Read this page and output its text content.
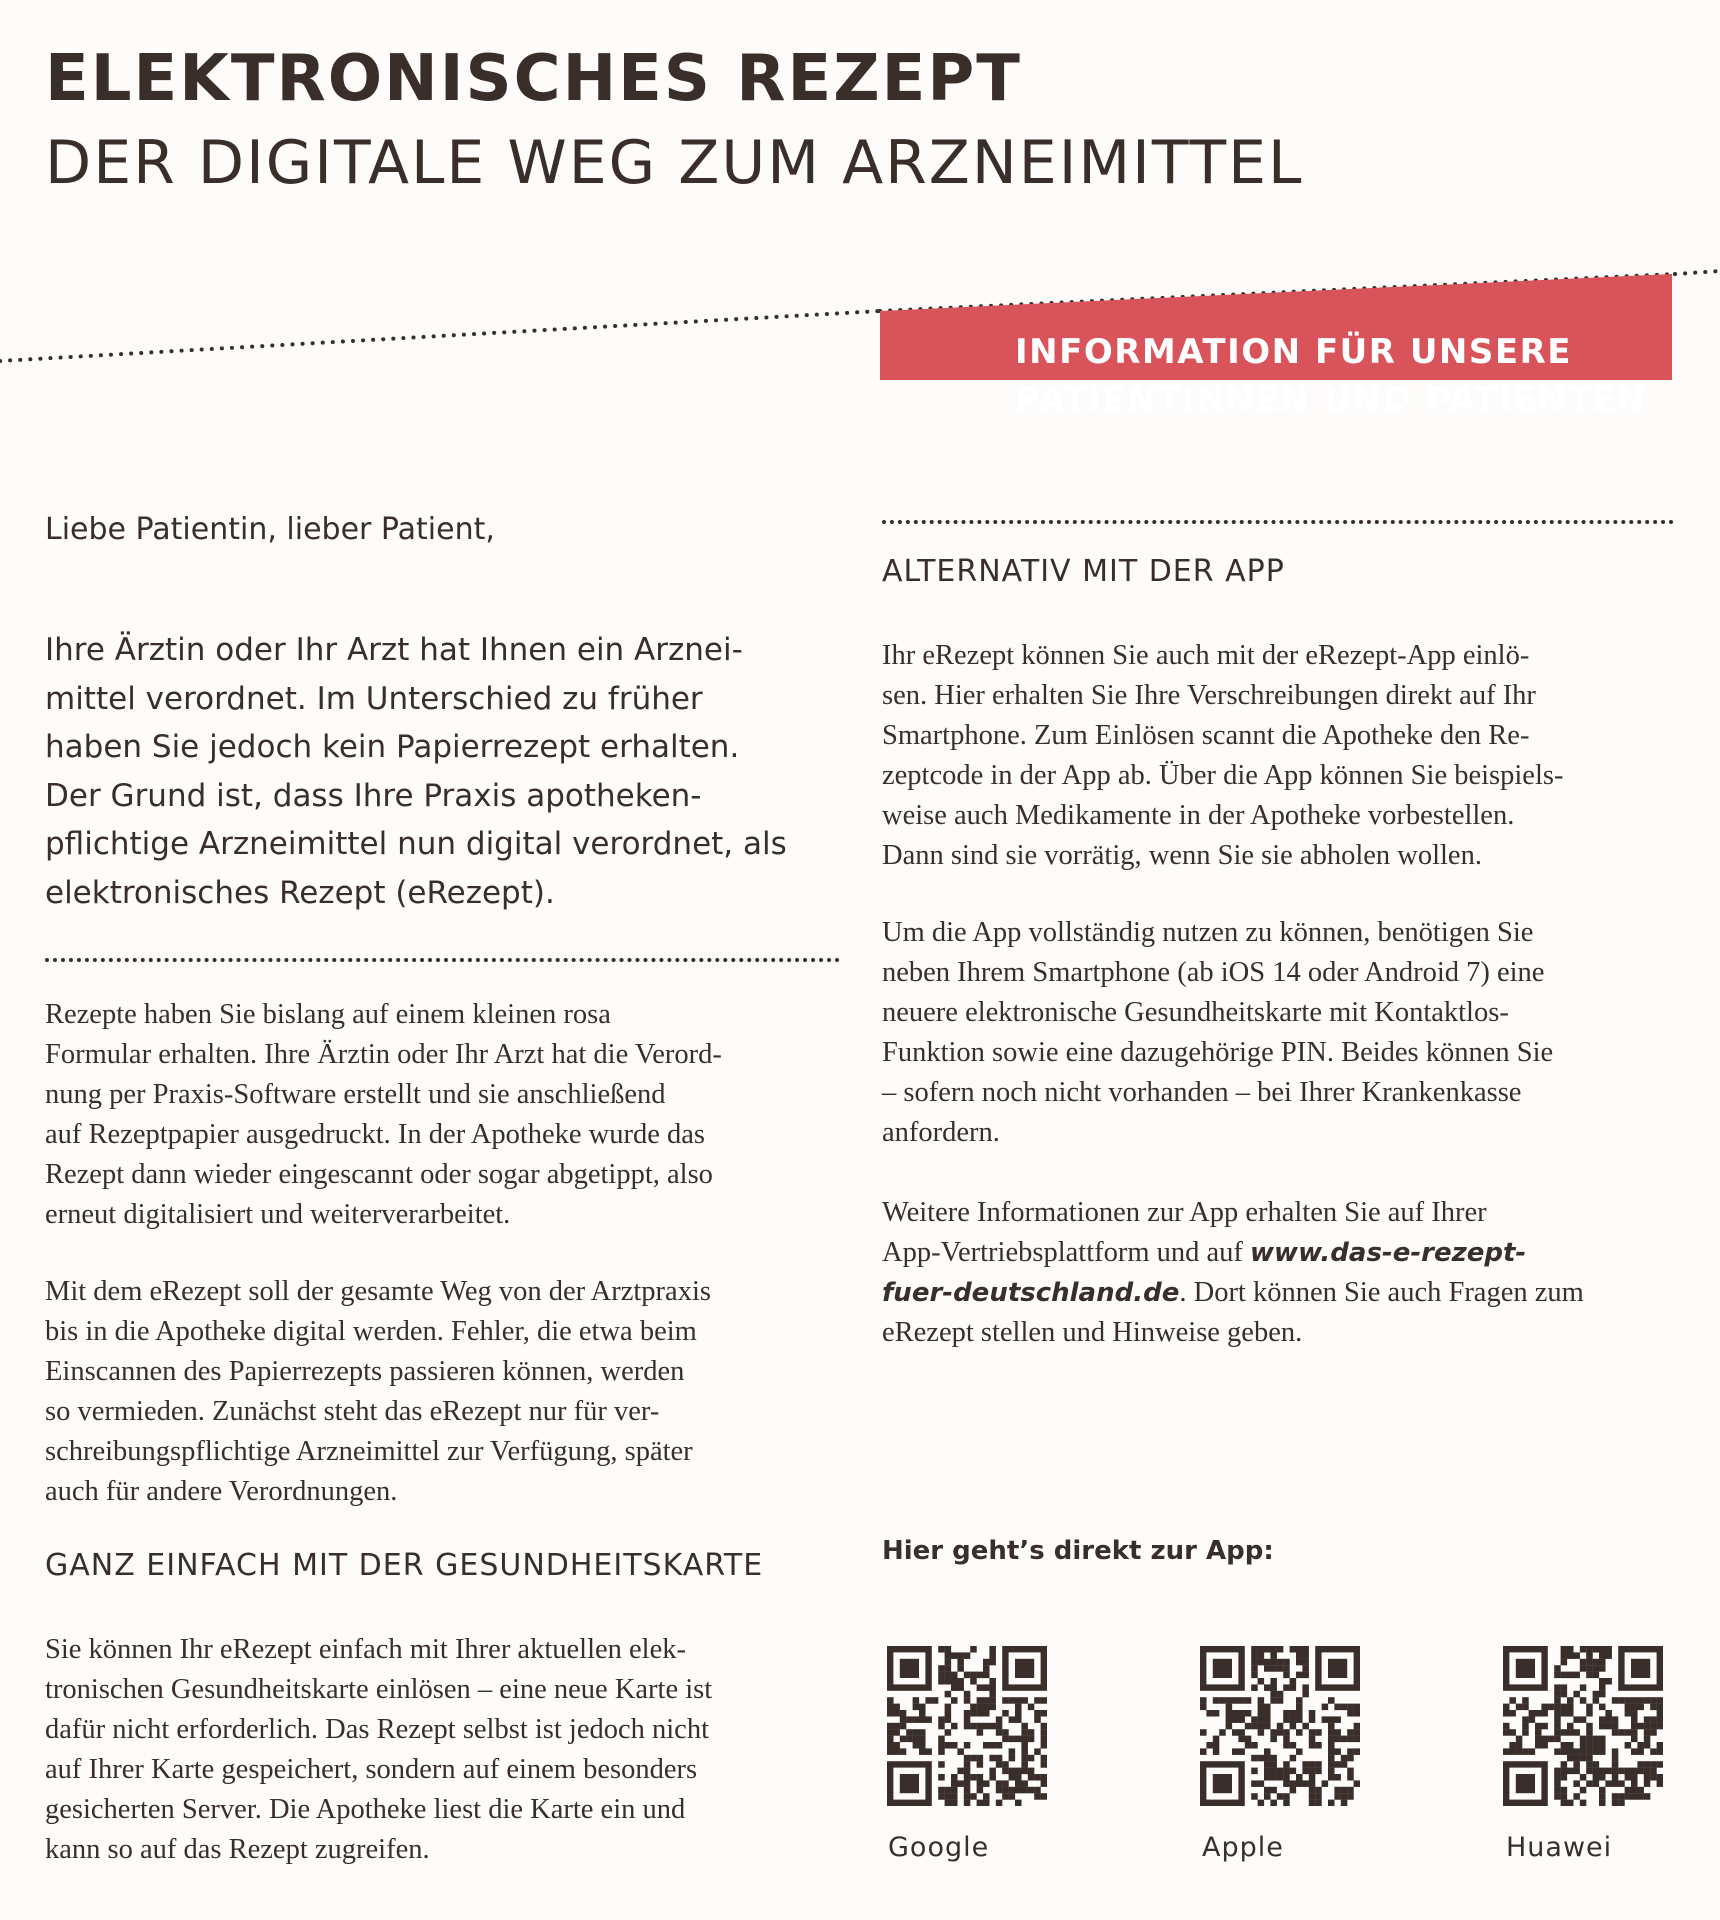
ELEKTRONISCHES REZEPT
DER DIGITALE WEG ZUM ARZNEIMITTEL
INFORMATION FÜR UNSERE
PATIENTINNEN UND PATIENTEN
Liebe Patientin, lieber Patient,
Ihre Ärztin oder Ihr Arzt hat Ihnen ein Arznei-
mittel verordnet. Im Unterschied zu früher
haben Sie jedoch kein Papierrezept erhalten.
Der Grund ist, dass Ihre Praxis apotheken-
pflichtige Arzneimittel nun digital verordnet, als
elektronisches Rezept (eRezept).
Rezepte haben Sie bislang auf einem kleinen rosa
Formular erhalten. Ihre Ärztin oder Ihr Arzt hat die Verord-
nung per Praxis-Software erstellt und sie anschließend
auf Rezeptpapier ausgedruckt. In der Apotheke wurde das
Rezept dann wieder eingescannt oder sogar abgetippt, also
erneut digitalisiert und weiterverarbeitet.
Mit dem eRezept soll der gesamte Weg von der Arztpraxis
bis in die Apotheke digital werden. Fehler, die etwa beim
Einscannen des Papierrezepts passieren können, werden
so vermieden. Zunächst steht das eRezept nur für ver-
schreibungspflichtige Arzneimittel zur Verfügung, später
auch für andere Verordnungen.
GANZ EINFACH MIT DER GESUNDHEITSKARTE
Sie können Ihr eRezept einfach mit Ihrer aktuellen elek-
tronischen Gesundheitskarte einlösen – eine neue Karte ist
dafür nicht erforderlich. Das Rezept selbst ist jedoch nicht
auf Ihrer Karte gespeichert, sondern auf einem besonders
gesicherten Server. Die Apotheke liest die Karte ein und
kann so auf das Rezept zugreifen.
ALTERNATIV MIT DER APP
Ihr eRezept können Sie auch mit der eRezept-App einlö-
sen. Hier erhalten Sie Ihre Verschreibungen direkt auf Ihr
Smartphone. Zum Einlösen scannt die Apotheke den Re-
zeptcode in der App ab. Über die App können Sie beispiels-
weise auch Medikamente in der Apotheke vorbestellen.
Dann sind sie vorrätig, wenn Sie sie abholen wollen.
Um die App vollständig nutzen zu können, benötigen Sie
neben Ihrem Smartphone (ab iOS 14 oder Android 7) eine
neuere elektronische Gesundheitskarte mit Kontaktlos-
Funktion sowie eine dazugehörige PIN. Beides können Sie
– sofern noch nicht vorhanden – bei Ihrer Krankenkasse
anfordern.
Weitere Informationen zur App erhalten Sie auf Ihrer
App-Vertriebsplattform und auf www.das-e-rezept-
fuer-deutschland.de. Dort können Sie auch Fragen zum
eRezept stellen und Hinweise geben.
Hier geht’s direkt zur App:
Google	Apple	Huawei
